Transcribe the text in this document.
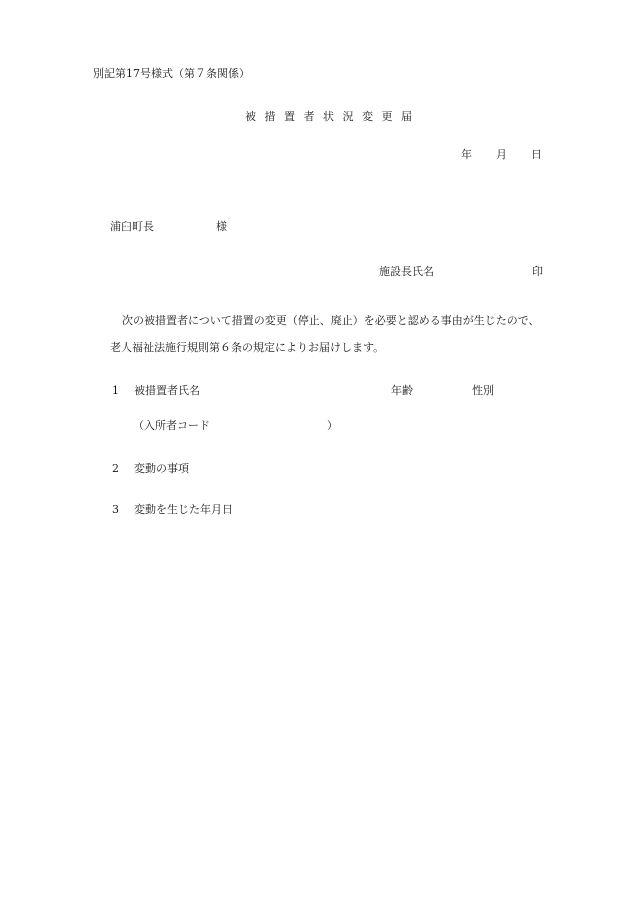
別記第17号様式（第７条関係）
被措置者状況変更届
年 月 日
浦臼町長	様
施設長氏名	印
次の被措置者について措置の変更（停止、廃止）を必要と認める事由が生じたので、
老人福祉法施行規則第６条の規定によりお届けします。
1 被措置者氏名	年齢	性別
（入所者コード	）
2 変動の事項
3 変動を生じた年月日
